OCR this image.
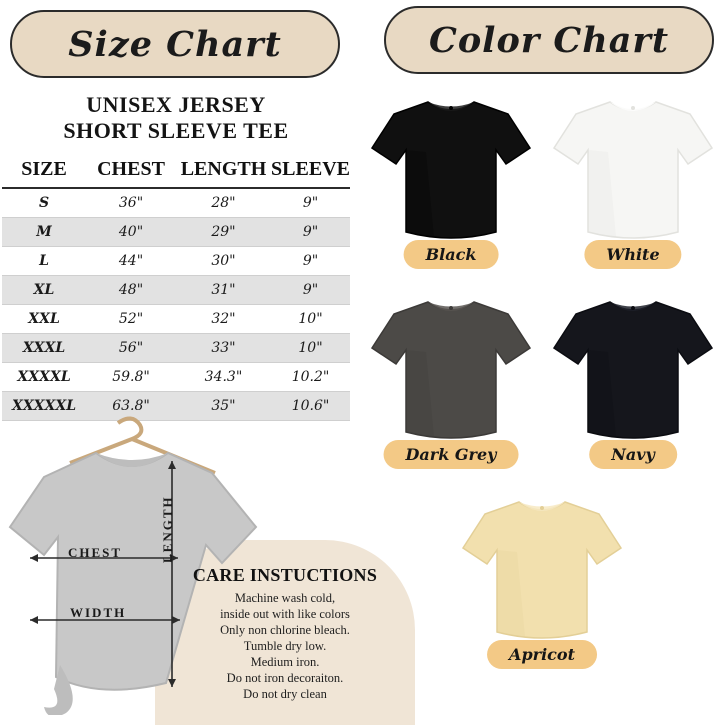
Size Chart	Color Chart
UNISEX JERSEY
SHORT SLEEVE TEE
SIZE	CHEST	LENGTH	SLEEVE
S	36"	28"	9"
M	40"	29"	9"
L	44"	30"	9"
XL	48"	31"	9"
XXL	52"	32"	10"
XXXL	56"	33"	10"
XXXXL	59.8"	34.3"	10.2"
XXXXXL	63.8"	35"	10.6"
CHEST
WIDTH
LENGTH
CARE INSTUCTIONS
Machine wash cold,
inside out with like colors
Only non chlorine bleach.
Tumble dry low.
Medium iron.
Do not iron decoraiton.
Do not dry clean
Black	White
Dark Grey	Navy
Apricot
